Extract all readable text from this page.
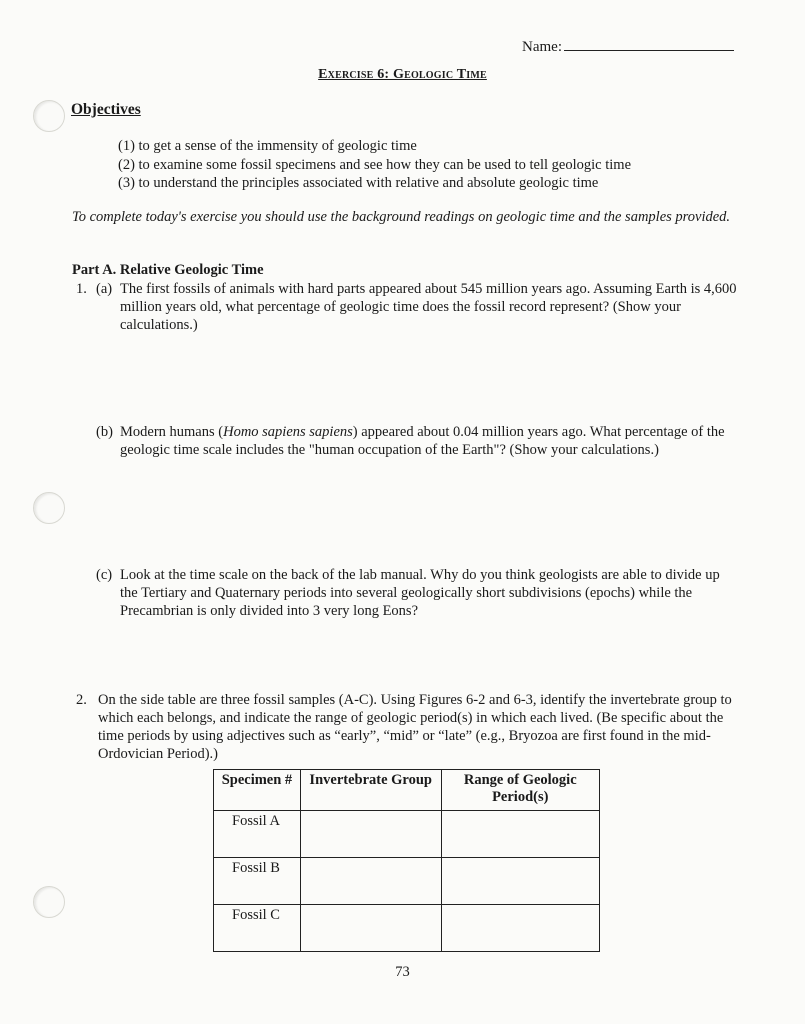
Name:
Exercise 6: Geologic Time
Objectives
(1) to get a sense of the immensity of geologic time
(2) to examine some fossil specimens and see how they can be used to tell geologic time
(3) to understand the principles associated with relative and absolute geologic time
To complete today's exercise you should use the background readings on geologic time and the samples provided.
Part A. Relative Geologic Time
1. (a) The first fossils of animals with hard parts appeared about 545 million years ago. Assuming Earth is 4,600 million years old, what percentage of geologic time does the fossil record represent? (Show your calculations.)
(b) Modern humans (Homo sapiens sapiens) appeared about 0.04 million years ago. What percentage of the geologic time scale includes the "human occupation of the Earth"? (Show your calculations.)
(c) Look at the time scale on the back of the lab manual. Why do you think geologists are able to divide up the Tertiary and Quaternary periods into several geologically short subdivisions (epochs) while the Precambrian is only divided into 3 very long Eons?
2. On the side table are three fossil samples (A-C). Using Figures 6-2 and 6-3, identify the invertebrate group to which each belongs, and indicate the range of geologic period(s) in which each lived. (Be specific about the time periods by using adjectives such as “early”, “mid” or “late” (e.g., Bryozoa are first found in the mid-Ordovician Period).)
Specimen #	Invertebrate Group	Range of Geologic Period(s)
Fossil A		
Fossil B		
Fossil C		
73
